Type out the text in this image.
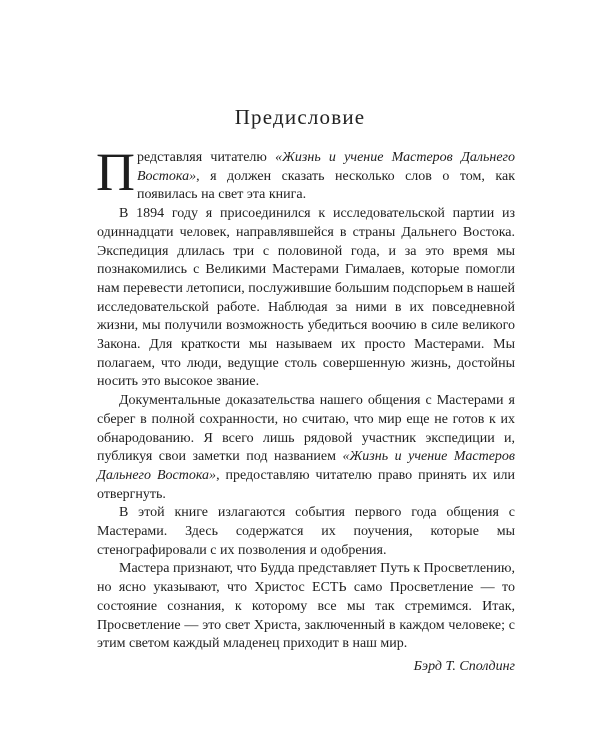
Предисловие

Представляя читателю «Жизнь и учение Мастеров Дальнего Востока», я должен сказать несколько слов о том, как появилась на свет эта книга.

В 1894 году я присоединился к исследовательской партии из одиннадцати человек, направлявшейся в страны Дальнего Востока. Экспедиция длилась три с половиной года, и за это время мы познакомились с Великими Мастерами Гималаев, которые помогли нам перевести летописи, послужившие большим подспорьем в нашей исследовательской работе. Наблюдая за ними в их повседневной жизни, мы получили возможность убедиться воочию в силе великого Закона. Для краткости мы называем их просто Мастерами. Мы полагаем, что люди, ведущие столь совершенную жизнь, достойны носить это высокое звание.

Документальные доказательства нашего общения с Мастерами я сберег в полной сохранности, но считаю, что мир еще не готов к их обнародованию. Я всего лишь рядовой участник экспедиции и, публикуя свои заметки под названием «Жизнь и учение Мастеров Дальнего Востока», предоставляю читателю право принять их или отвергнуть.

В этой книге излагаются события первого года общения с Мастерами. Здесь содержатся их поучения, которые мы стенографировали с их позволения и одобрения.

Мастера признают, что Будда представляет Путь к Просветлению, но ясно указывают, что Христос ЕСТЬ само Просветление — то состояние сознания, к которому все мы так стремимся. Итак, Просветление — это свет Христа, заключенный в каждом человеке; с этим светом каждый младенец приходит в наш мир.

Бэрд Т. Сполдинг
